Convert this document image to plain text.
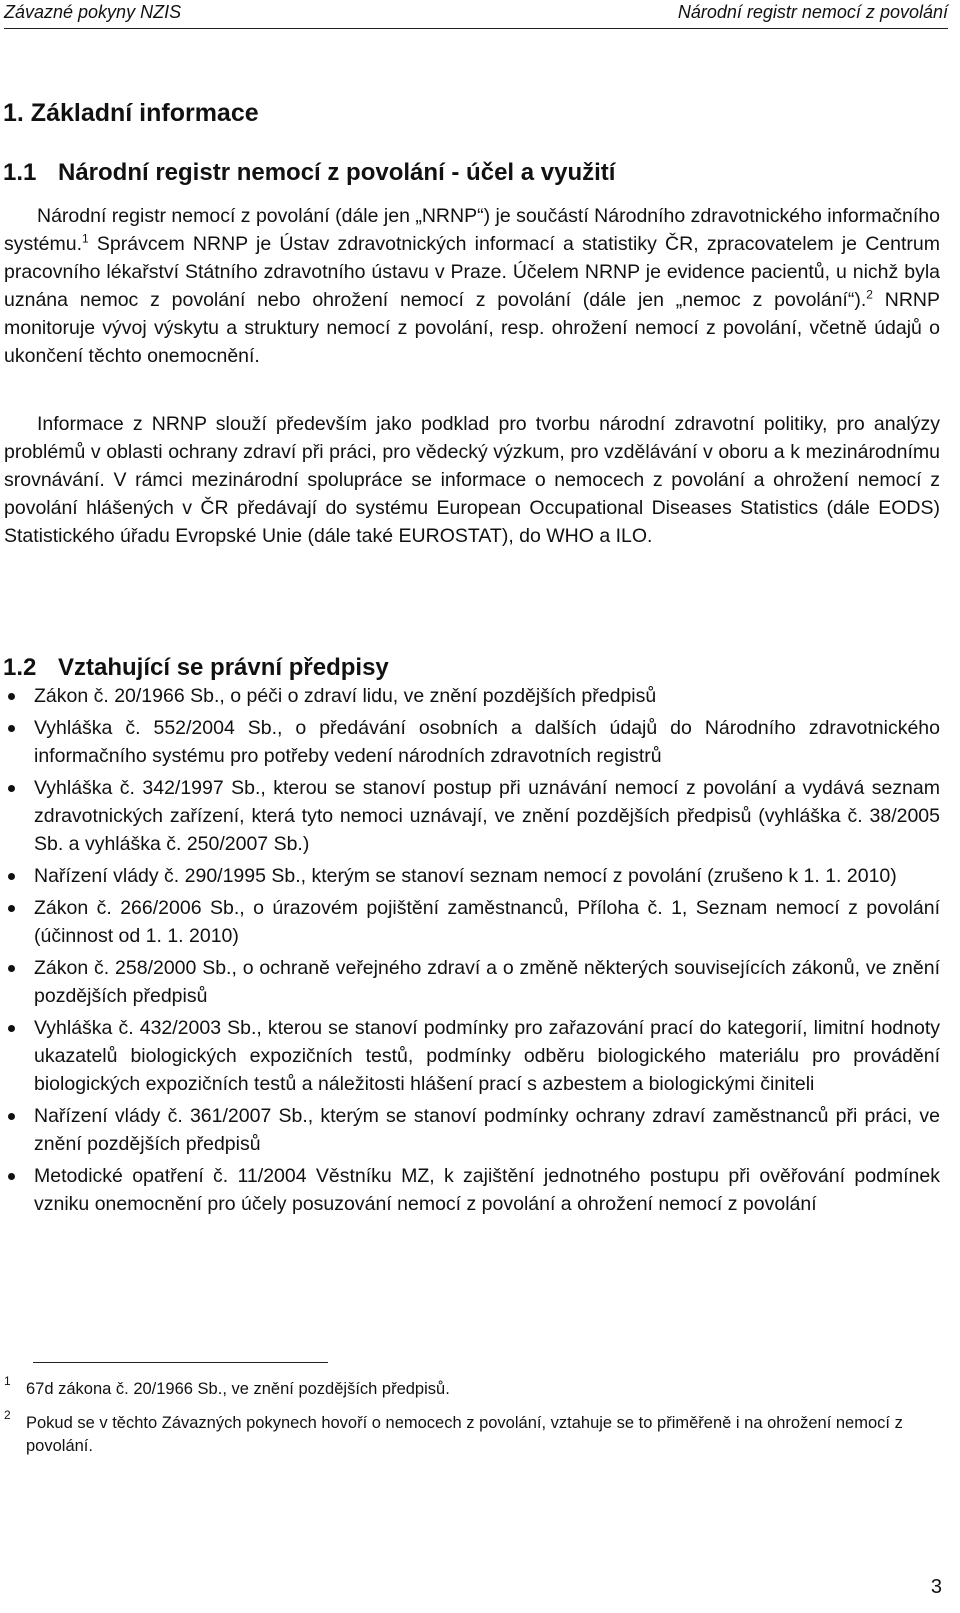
Závazné pokyny NZIS	Národní registr nemocí z povolání
1. Základní informace
1.1 Národní registr nemocí z povolání - účel a využití

Národní registr nemocí z povolání (dále jen „NRNP“) je součástí Národního zdravotnického informačního systému.$^1$ Správcem NRNP je Ústav zdravotnických informací a statistiky ČR, zpracovatelem je Centrum pracovního lékařství Státního zdravotního ústavu v Praze. Účelem NRNP je evidence pacientů, u nichž byla uznána nemoc z povolání nebo ohrožení nemocí z povolání (dále jen „nemoc z povolání“).$^2$ NRNP monitoruje vývoj výskytu a struktury nemocí z povolání, resp. ohrožení nemocí z povolání, včetně údajů o ukončení těchto onemocnění.

Informace z NRNP slouží především jako podklad pro tvorbu národní zdravotní politiky, pro analýzy problémů v oblasti ochrany zdraví při práci, pro vědecký výzkum, pro vzdělávání v oboru a k mezinárodnímu srovnávání. V rámci mezinárodní spolupráce se informace o nemocech z povolání a ohrožení nemocí z povolání hlášených v ČR předávají do systému European Occupational Diseases Statistics (dále EODS) Statistického úřadu Evropské Unie (dále také EUROSTAT), do WHO a ILO.

1.2 Vztahující se právní předpisy
Zákon č. 20/1966 Sb., o péči o zdraví lidu, ve znění pozdějších předpisů
Vyhláška č. 552/2004 Sb., o předávání osobních a dalších údajů do Národního zdravotnického informačního systému pro potřeby vedení národních zdravotních registrů
Vyhláška č. 342/1997 Sb., kterou se stanoví postup při uznávání nemocí z povolání a vydává seznam zdravotnických zařízení, která tyto nemoci uznávají, ve znění pozdějších předpisů (vyhláška č. 38/2005 Sb. a vyhláška č. 250/2007 Sb.)
Nařízení vlády č. 290/1995 Sb., kterým se stanoví seznam nemocí z povolání (zrušeno k 1. 1. 2010)
Zákon č. 266/2006 Sb., o úrazovém pojištění zaměstnanců, Příloha č. 1, Seznam nemocí z povolání (účinnost od 1. 1. 2010)
Zákon č. 258/2000 Sb., o ochraně veřejného zdraví a o změně některých souvisejících zákonů, ve znění pozdějších předpisů
Vyhláška č. 432/2003 Sb., kterou se stanoví podmínky pro zařazování prací do kategorií, limitní hodnoty ukazatelů biologických expozičních testů, podmínky odběru biologického materiálu pro provádění biologických expozičních testů a náležitosti hlášení prací s azbestem a biologickými činiteli
Nařízení vlády č. 361/2007 Sb., kterým se stanoví podmínky ochrany zdraví zaměstnanců při práci, ve znění pozdějších předpisů
Metodické opatření č. 11/2004 Věstníku MZ, k zajištění jednotného postupu při ověřování podmínek vzniku onemocnění pro účely posuzování nemocí z povolání a ohrožení nemocí z povolání

1 67d zákona č. 20/1966 Sb., ve znění pozdějších předpisů.

2 Pokud se v těchto Závazných pokynech hovoří o nemocech z povolání, vztahuje se to přiměřeně i na ohrožení nemocí z povolání.

3
